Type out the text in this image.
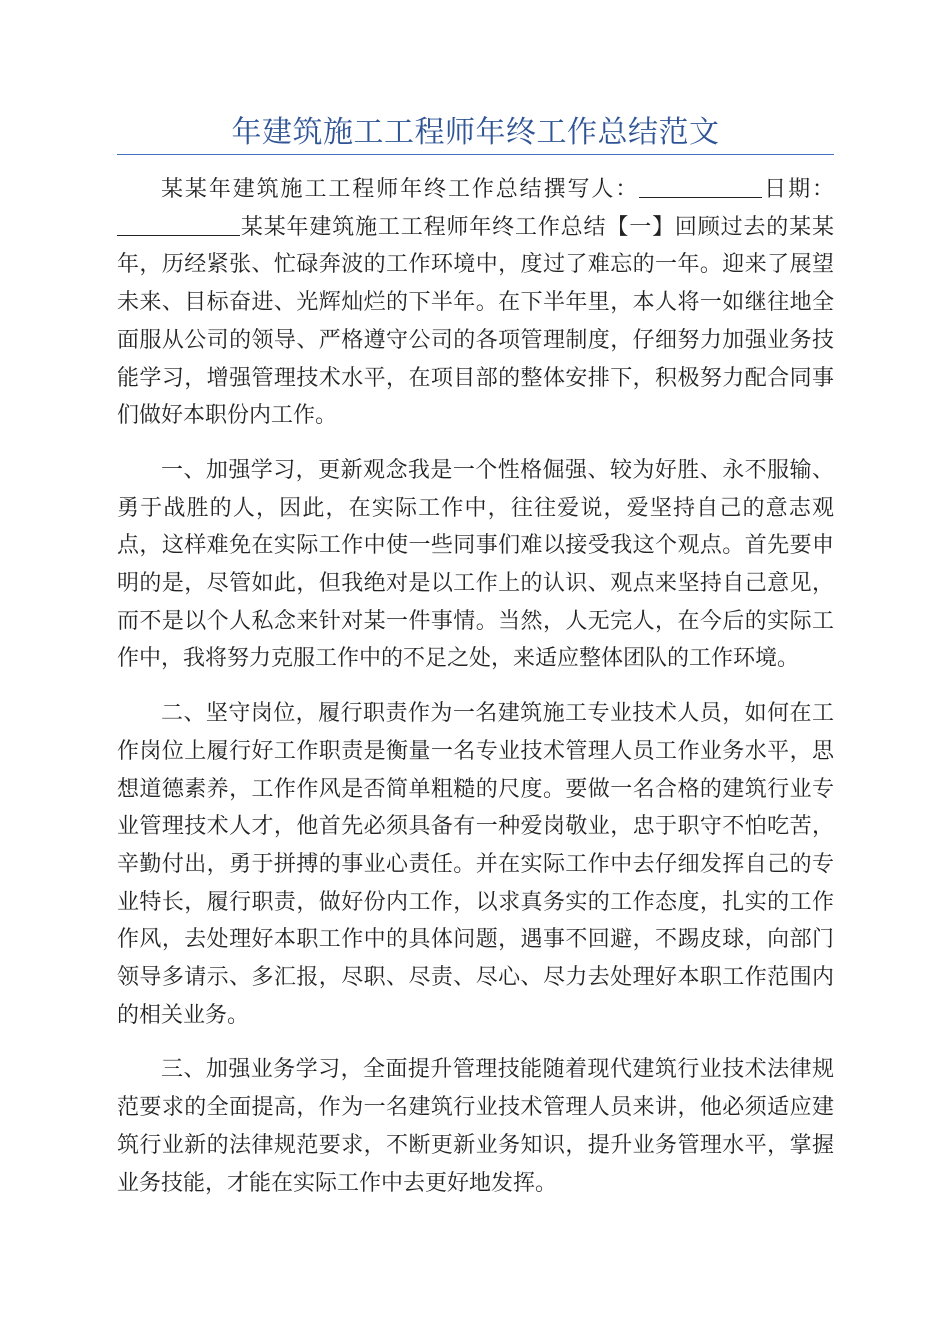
年建筑施工工程师年终工作总结范文

某某年建筑施工工程师年终工作总结撰写人：	日期：某某年建筑施工工程师年终工作总结【一】回顾过去的某某年，历经紧张、忙碌奔波的工作环境中，度过了难忘的一年。迎来了展望未来、目标奋进、光辉灿烂的下半年。在下半年里，本人将一如继往地全面服从公司的领导、严格遵守公司的各项管理制度，仔细努力加强业务技能学习，增强管理技术水平，在项目部的整体安排下，积极努力配合同事们做好本职份内工作。

一、加强学习，更新观念我是一个性格倔强、较为好胜、永不服输、勇于战胜的人，因此，在实际工作中，往往爱说，爱坚持自己的意志观点，这样难免在实际工作中使一些同事们难以接受我这个观点。首先要申明的是，尽管如此，但我绝对是以工作上的认识、观点来坚持自己意见，而不是以个人私念来针对某一件事情。当然，人无完人，在今后的实际工作中，我将努力克服工作中的不足之处，来适应整体团队的工作环境。

二、坚守岗位，履行职责作为一名建筑施工专业技术人员，如何在工作岗位上履行好工作职责是衡量一名专业技术管理人员工作业务水平，思想道德素养，工作作风是否简单粗糙的尺度。要做一名合格的建筑行业专业管理技术人才，他首先必须具备有一种爱岗敬业，忠于职守不怕吃苦，辛勤付出，勇于拼搏的事业心责任。并在实际工作中去仔细发挥自己的专业特长，履行职责，做好份内工作，以求真务实的工作态度，扎实的工作作风，去处理好本职工作中的具体问题，遇事不回避，不踢皮球，向部门领导多请示、多汇报，尽职、尽责、尽心、尽力去处理好本职工作范围内的相关业务。

三、加强业务学习，全面提升管理技能随着现代建筑行业技术法律规范要求的全面提高，作为一名建筑行业技术管理人员来讲，他必须适应建筑行业新的法律规范要求，不断更新业务知识，提升业务管理水平，掌握业务技能，才能在实际工作中去更好地发挥。
